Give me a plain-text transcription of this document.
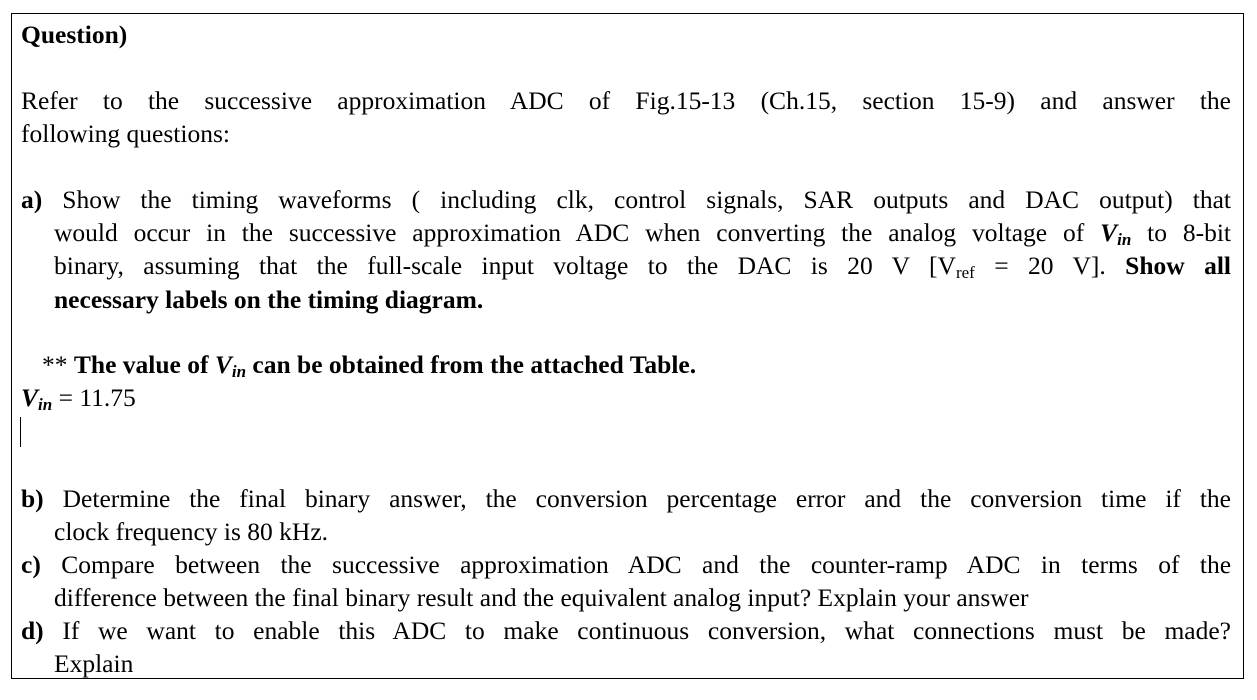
Question)
Refer to the successive approximation ADC of Fig.15-13 (Ch.15, section 15-9) and answer the
following questions:
a) Show the timing waveforms ( including clk, control signals, SAR outputs and DAC output) that
would occur in the successive approximation ADC when converting the analog voltage of $V_{in}$ to 8-bit
binary, assuming that the full-scale input voltage to the DAC is 20 V [$V_{ref} = 20$ V]. Show all
necessary labels on the timing diagram.
** The value of $V_{in}$ can be obtained from the attached Table.
$V_{in} = 11.75$
b) Determine the final binary answer, the conversion percentage error and the conversion time if the
clock frequency is 80 kHz.
c) Compare between the successive approximation ADC and the counter-ramp ADC in terms of the
difference between the final binary result and the equivalent analog input? Explain your answer
d) If we want to enable this ADC to make continuous conversion, what connections must be made?
Explain
